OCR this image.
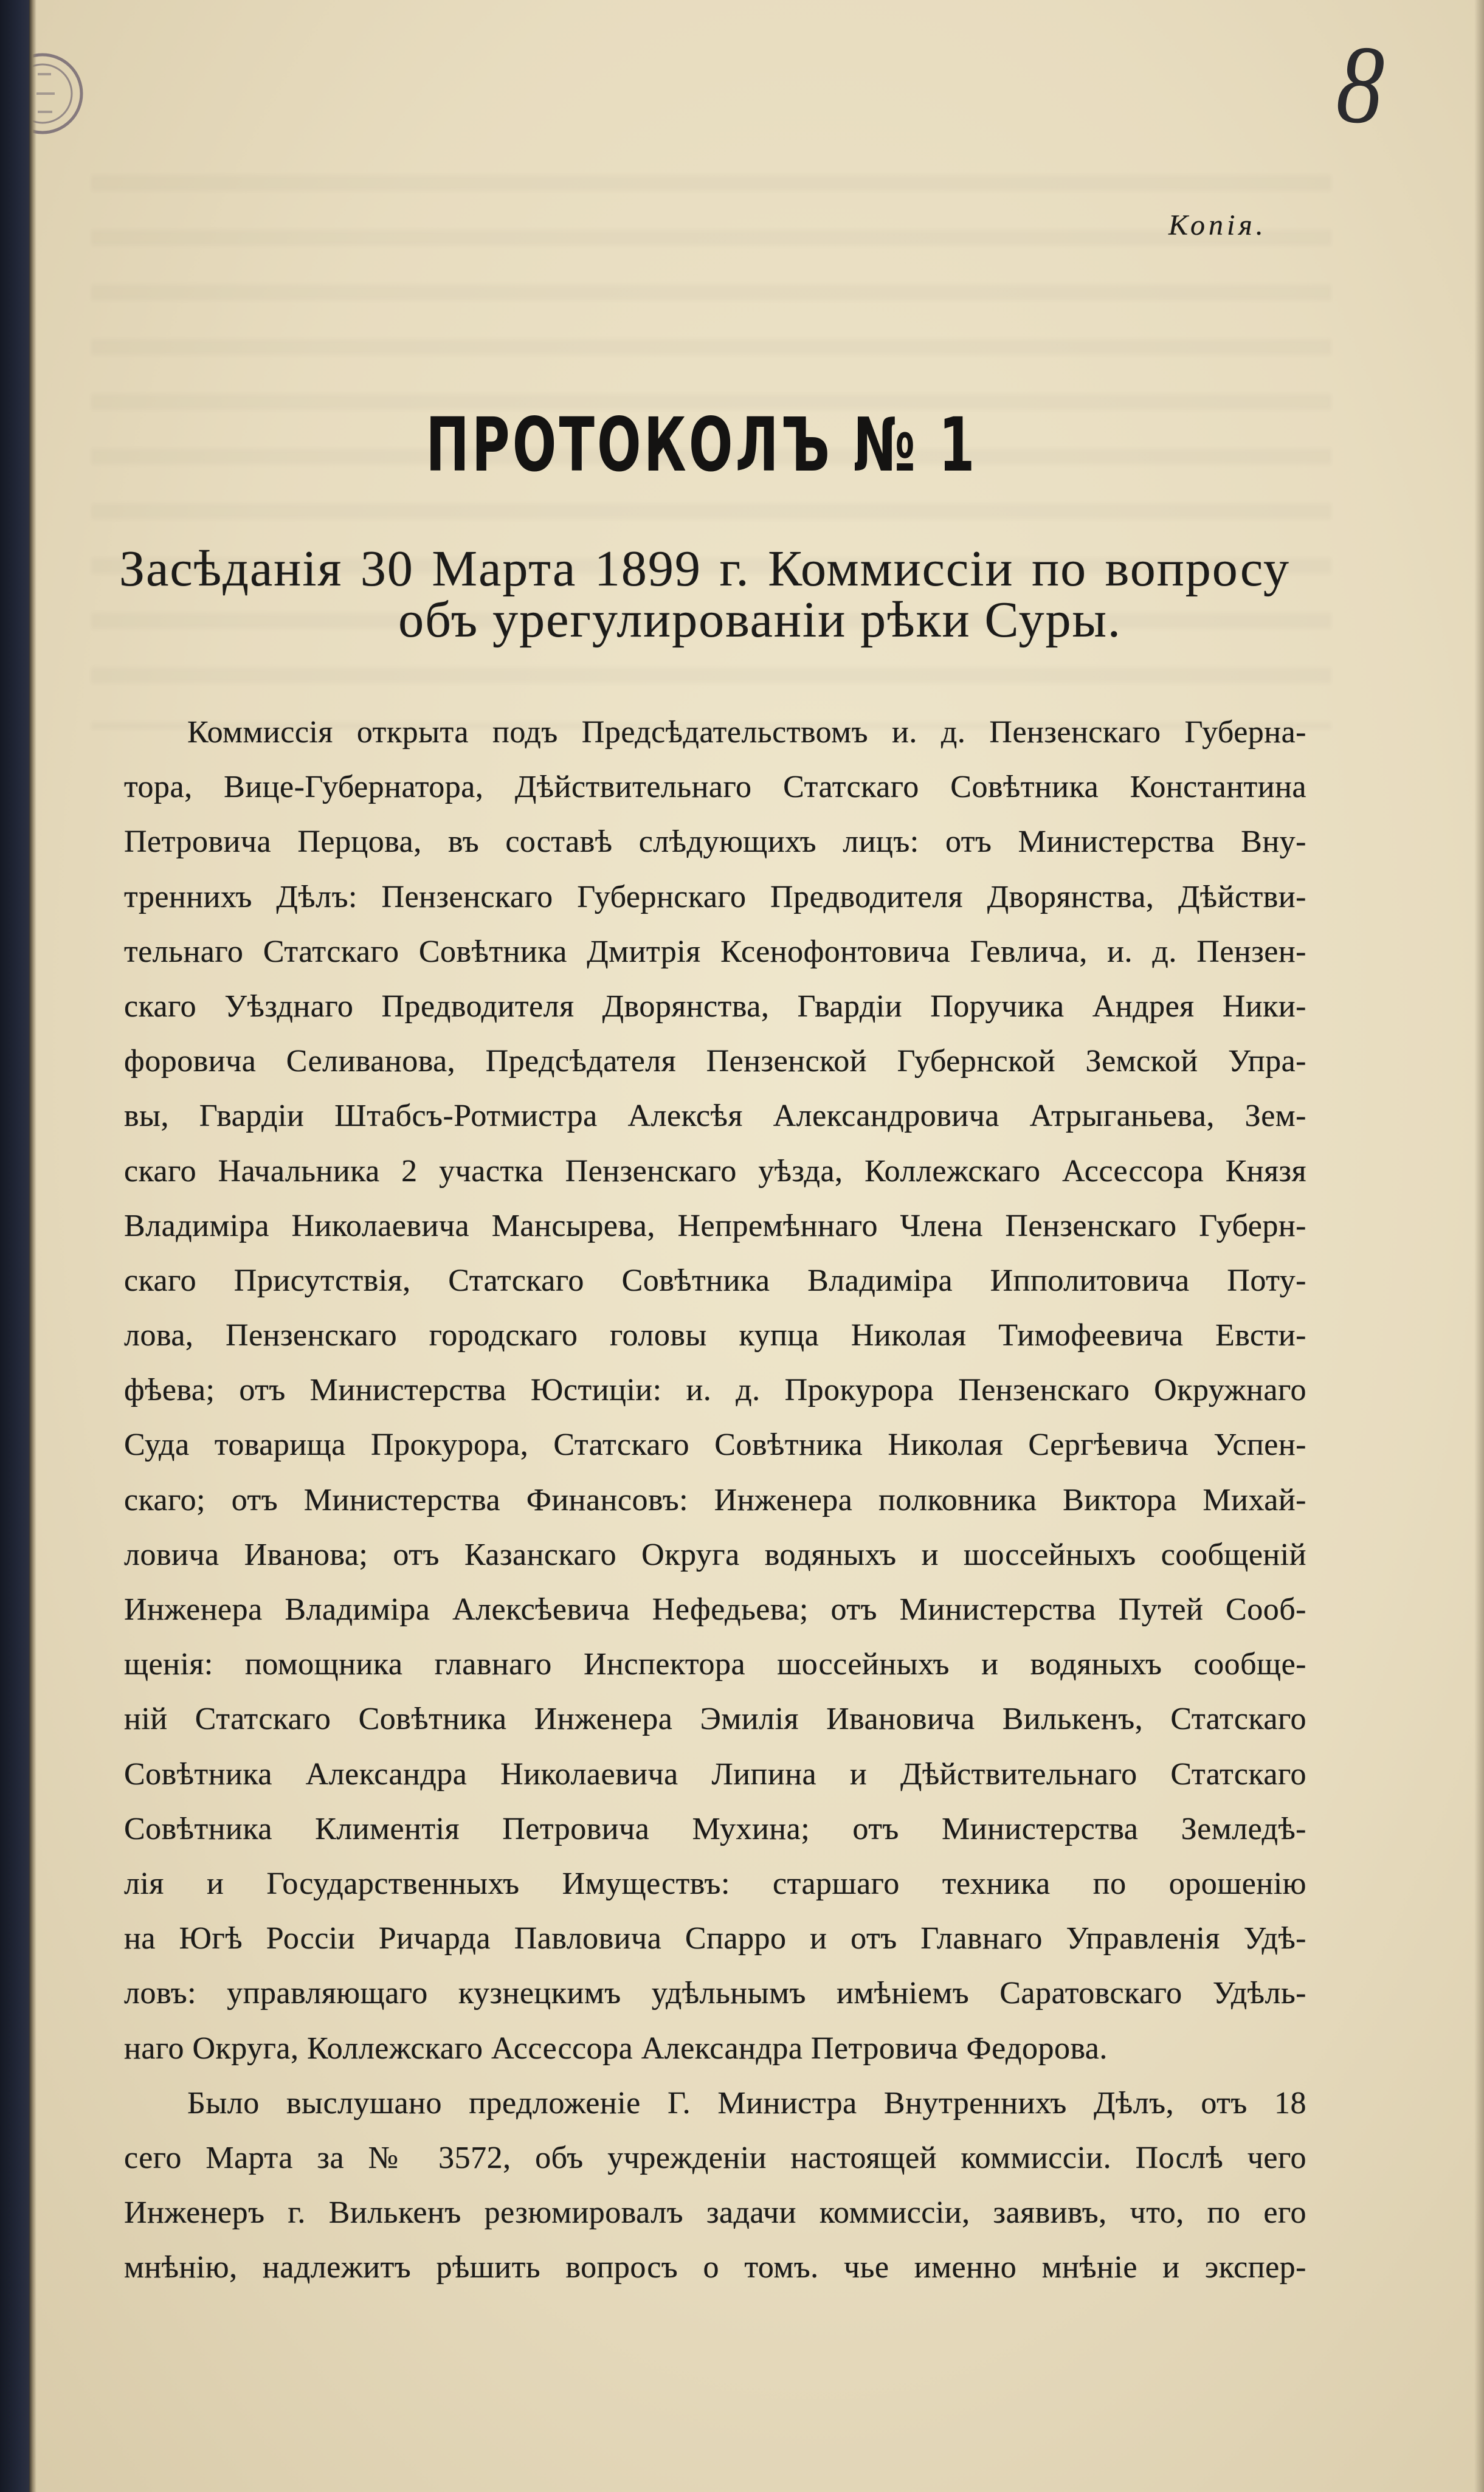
8
Копія.
ПРОТОКОЛЪ № 1
Засѣданія 30 Марта 1899 г. Коммиссіи по вопросу
объ урегулированіи рѣки Суры.
Коммиссія открыта подъ Предсѣдательствомъ и. д. Пензенскаго Губерна-
тора, Вице-Губернатора, Дѣйствительнаго Статскаго Совѣтника Константина
Петровича Перцова, въ составѣ слѣдующихъ лицъ: отъ Министерства Вну-
треннихъ Дѣлъ: Пензенскаго Губернскаго Предводителя Дворянства, Дѣйстви-
тельнаго Статскаго Совѣтника Дмитрія Ксенофонтовича Гевлича, и. д. Пензен-
скаго Уѣзднаго Предводителя Дворянства, Гвардіи Поручика Андрея Ники-
форовича Селиванова, Предсѣдателя Пензенской Губернской Земской Упра-
вы, Гвардіи Штабсъ-Ротмистра Алексѣя Александровича Атрыганьева, Зем-
скаго Начальника 2 участка Пензенскаго уѣзда, Коллежскаго Ассессора Князя
Владиміра Николаевича Мансырева, Непремѣннаго Члена Пензенскаго Губерн-
скаго Присутствія, Статскаго Совѣтника Владиміра Ипполитовича Поту-
лова, Пензенскаго городскаго головы купца Николая Тимофеевича Евсти-
фѣева; отъ Министерства Юстиціи: и. д. Прокурора Пензенскаго Окружнаго
Суда товарища Прокурора, Статскаго Совѣтника Николая Сергѣевича Успен-
скаго; отъ Министерства Финансовъ: Инженера полковника Виктора Михай-
ловича Иванова; отъ Казанскаго Округа водяныхъ и шоссейныхъ сообщеній
Инженера Владиміра Алексѣевича Нефедьева; отъ Министерства Путей Сооб-
щенія: помощника главнаго Инспектора шоссейныхъ и водяныхъ сообще-
ній Статскаго Совѣтника Инженера Эмилія Ивановича Вилькенъ, Статскаго
Совѣтника Александра Николаевича Липина и Дѣйствительнаго Статскаго
Совѣтника Климентія Петровича Мухина; отъ Министерства Земледѣ-
лія и Государственныхъ Имуществъ: старшаго техника по орошенію
на Югѣ Россіи Ричарда Павловича Спарро и отъ Главнаго Управленія Удѣ-
ловъ: управляющаго кузнецкимъ удѣльнымъ имѣніемъ Саратовскаго Удѣль-
наго Округа, Коллежскаго Ассессора Александра Петровича Федорова.
Было выслушано предложеніе Г. Министра Внутреннихъ Дѣлъ, отъ 18
сего Марта за № 3572, объ учрежденіи настоящей коммиссіи. Послѣ чего
Инженеръ г. Вилькенъ резюмировалъ задачи коммиссіи, заявивъ, что, по его
мнѣнію, надлежитъ рѣшить вопросъ о томъ. чье именно мнѣніе и экспер-
